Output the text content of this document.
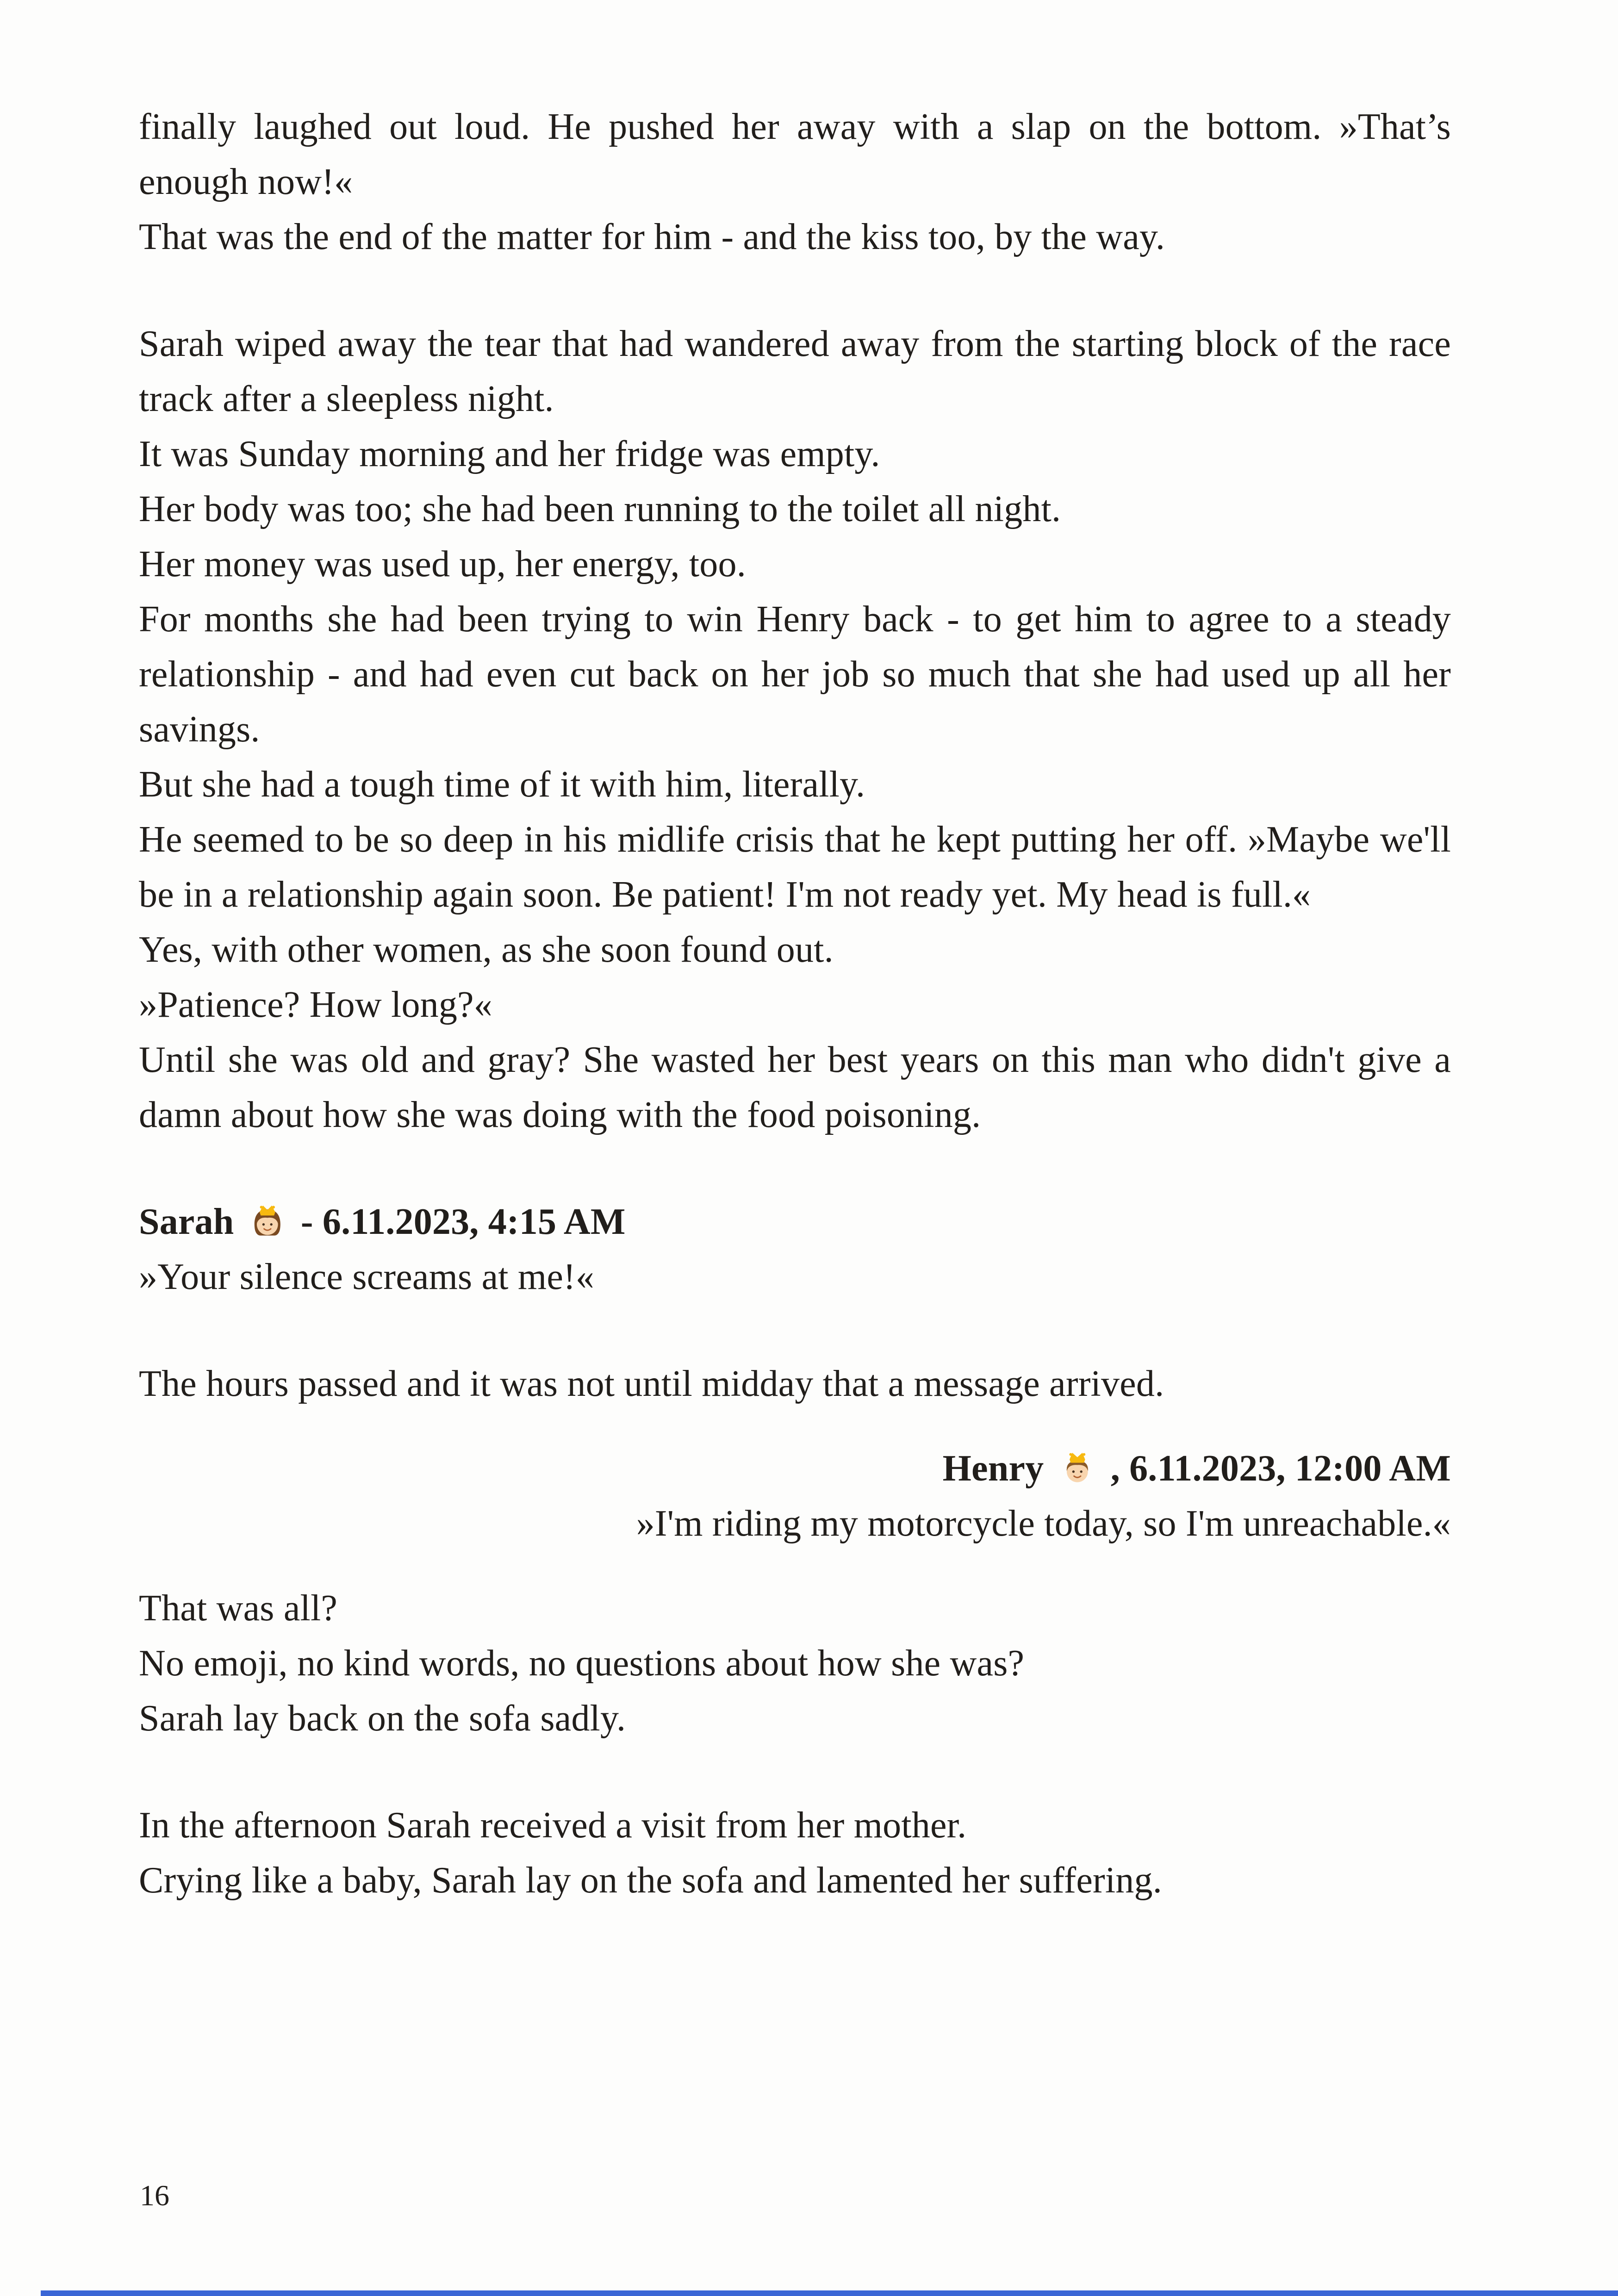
finally laughed out loud. He pushed her away with a slap on the bottom. »That’s enough now!«

That was the end of the matter for him - and the kiss too, by the way.

Sarah wiped away the tear that had wandered away from the starting block of the race track after a sleepless night.

It was Sunday morning and her fridge was empty.

Her body was too; she had been running to the toilet all night.

Her money was used up, her energy, too.

For months she had been trying to win Henry back - to get him to agree to a steady relationship - and had even cut back on her job so much that she had used up all her savings.

But she had a tough time of it with him, literally.

He seemed to be so deep in his midlife crisis that he kept putting her off. »Maybe we'll be in a relationship again soon. Be patient! I'm not ready yet. My head is full.«

Yes, with other women, as she soon found out.

»Patience? How long?«

Until she was old and gray? She wasted her best years on this man who didn't give a damn about how she was doing with the food poisoning.

Sarah
- 6.11.2023, 4:15 AM

»Your silence screams at me!«

The hours passed and it was not until midday that a message arrived.

Henry
, 6.11.2023, 12:00 AM

»I'm riding my motorcycle today, so I'm unreachable.«

That was all?

No emoji, no kind words, no questions about how she was?

Sarah lay back on the sofa sadly.

In the afternoon Sarah received a visit from her mother.

Crying like a baby, Sarah lay on the sofa and lamented her suffering.

16
